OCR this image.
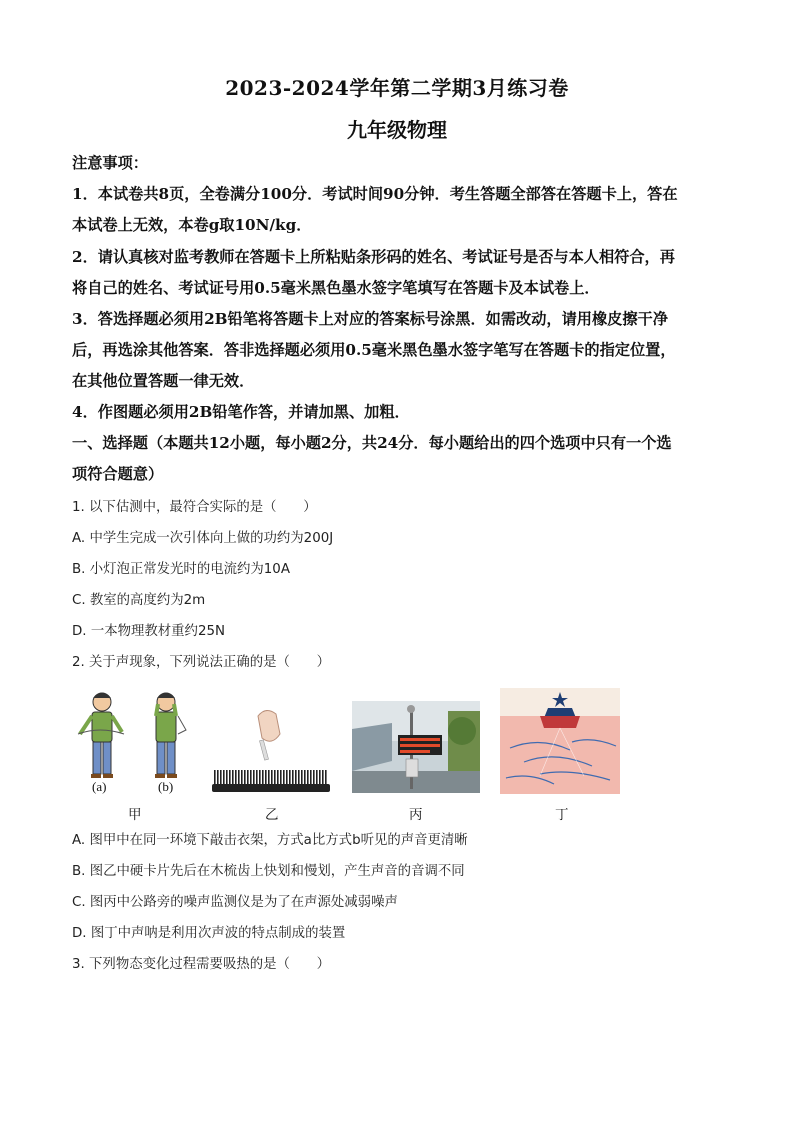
2023-2024学年第二学期3月练习卷
九年级物理
注意事项：
1．本试卷共8页，全卷满分100分．考试时间90分钟．考生答题全部答在答题卡上，答在
本试卷上无效，本卷g取10N/kg．
2．请认真核对监考教师在答题卡上所粘贴条形码的姓名、考试证号是否与本人相符合，再
将自己的姓名、考试证号用0.5毫米黑色墨水签字笔填写在答题卡及本试卷上．
3．答选择题必须用2B铅笔将答题卡上对应的答案标号涂黑．如需改动，请用橡皮擦干净
后，再选涂其他答案．答非选择题必须用0.5毫米黑色墨水签字笔写在答题卡的指定位置，
在其他位置答题一律无效．
4．作图题必须用2B铅笔作答，并请加黑、加粗．
一、选择题（本题共12小题，每小题2分，共24分．每小题给出的四个选项中只有一个选
项符合题意）
1. 以下估测中，最符合实际的是（　　）
A. 中学生完成一次引体向上做的功约为200J
B. 小灯泡正常发光时的电流约为10A
C. 教室的高度约为2m
D. 一本物理教材重约25N
2. 关于声现象，下列说法正确的是（　　）
(a)	(b)
甲	乙	丙	丁
A. 图甲中在同一环境下敲击衣架，方式a比方式b听见的声音更清晰
B. 图乙中硬卡片先后在木梳齿上快划和慢划，产生声音的音调不同
C. 图丙中公路旁的噪声监测仪是为了在声源处减弱噪声
D. 图丁中声呐是利用次声波的特点制成的装置
3. 下列物态变化过程需要吸热的是（　　）
